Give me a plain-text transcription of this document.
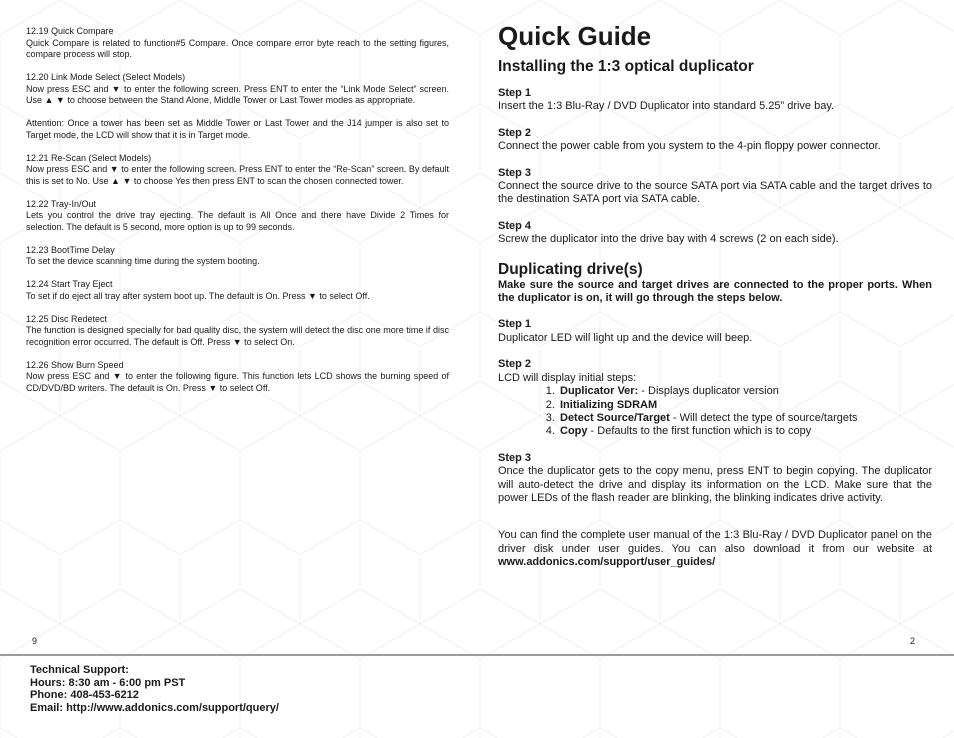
12.19 Quick Compare
Quick Compare is related to function#5 Compare. Once compare error byte reach to the setting figures, compare process will stop.
12.20 Link Mode Select (Select Models)
Now press ESC and ▼ to enter the following screen. Press ENT to enter the “Link Mode Select” screen. Use ▲ ▼ to choose between the Stand Alone, Middle Tower or Last Tower modes as appropriate.
Attention: Once a tower has been set as Middle Tower or Last Tower and the J14 jumper is also set to Target mode, the LCD will show that it is in Target mode.
12.21 Re-Scan (Select Models)
Now press ESC and ▼ to enter the following screen. Press ENT to enter the “Re-Scan” screen. By default this is set to No. Use ▲ ▼ to choose Yes then press ENT to scan the chosen connected tower.
12.22 Tray-In/Out
Lets you control the drive tray ejecting. The default is All Once and there have Divide 2 Times for selection. The default is 5 second, more option is up to 99 seconds.
12.23 BootTime Delay
To set the device scanning time during the system booting.
12.24 Start Tray Eject
To set if do eject all tray after system boot up. The default is On. Press ▼ to select Off.
12.25 Disc Redetect
The function is designed specially for bad quality disc, the system will detect the disc one more time if disc recognition error occurred. The default is Off. Press ▼ to select On.
12.26 Show Burn Speed
Now press ESC and ▼ to enter the following figure. This function lets LCD shows the burning speed of CD/DVD/BD writers. The default is On. Press ▼ to select Off.
Quick Guide
Installing the 1:3 optical duplicator
Step 1
Insert the 1:3 Blu-Ray / DVD Duplicator into standard 5.25” drive bay.
Step 2
Connect the power cable from you system to the 4-pin floppy power connector.
Step 3
Connect the source drive to the source SATA port via SATA cable and the target drives to the destination SATA port via SATA cable.
Step 4
Screw the duplicator into the drive bay with 4 screws (2 on each side).
Duplicating drive(s)
Make sure the source and target drives are connected to the proper ports. When the duplicator is on, it will go through the steps below.
Step 1
Duplicator LED will light up and the device will beep.
Step 2
LCD will display initial steps:
1. Duplicator Ver: - Displays duplicator version
2. Initializing SDRAM
3. Detect Source/Target - Will detect the type of source/targets
4. Copy - Defaults to the first function which is to copy
Step 3
Once the duplicator gets to the copy menu, press ENT to begin copying. The duplicator will auto-detect the drive and display its information on the LCD. Make sure that the power LEDs of the flash reader are blinking, the blinking indicates drive activity.
You can find the complete user manual of the 1:3 Blu-Ray / DVD Duplicator panel on the driver disk under user guides. You can also download it from our website at www.addonics.com/support/user_guides/
9	2
Technical Support:
Hours: 8:30 am - 6:00 pm PST
Phone: 408-453-6212
Email: http://www.addonics.com/support/query/
